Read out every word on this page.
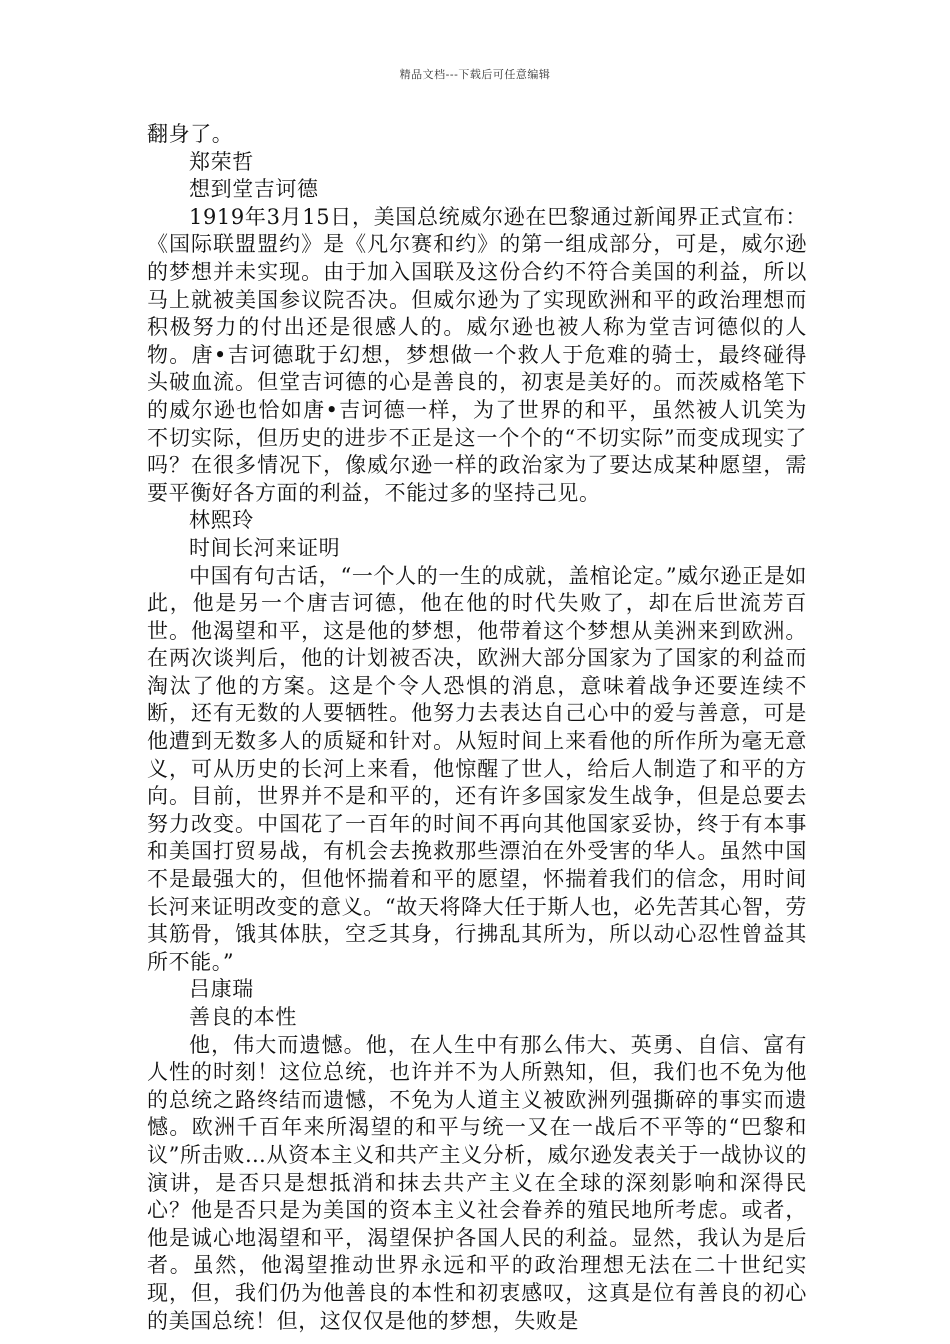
精品文档---下载后可任意编辑
翻身了。
郑荣哲
想到堂吉诃德
1919年3月15日，美国总统威尔逊在巴黎通过新闻界正式宣布：《国际联盟盟约》是《凡尔赛和约》的第一组成部分，可是，威尔逊的梦想并未实现。由于加入国联及这份合约不符合美国的利益，所以马上就被美国参议院否决。但威尔逊为了实现欧洲和平的政治理想而积极努力的付出还是很感人的。威尔逊也被人称为堂吉诃德似的人物。唐•吉诃德耽于幻想，梦想做一个救人于危难的骑士，最终碰得头破血流。但堂吉诃德的心是善良的，初衷是美好的。而茨威格笔下的威尔逊也恰如唐•吉诃德一样，为了世界的和平，虽然被人讥笑为不切实际，但历史的进步不正是这一个个的“不切实际”而变成现实了吗？在很多情况下，像威尔逊一样的政治家为了要达成某种愿望，需要平衡好各方面的利益，不能过多的坚持己见。
林熙玲
时间长河来证明
中国有句古话，“一个人的一生的成就，盖棺论定。”威尔逊正是如此，他是另一个唐吉诃德，他在他的时代失败了，却在后世流芳百世。他渴望和平，这是他的梦想，他带着这个梦想从美洲来到欧洲。在两次谈判后，他的计划被否决，欧洲大部分国家为了国家的利益而淘汰了他的方案。这是个令人恐惧的消息，意味着战争还要连续不断，还有无数的人要牺牲。他努力去表达自己心中的爱与善意，可是他遭到无数多人的质疑和针对。从短时间上来看他的所作所为毫无意义，可从历史的长河上来看，他惊醒了世人，给后人制造了和平的方向。目前，世界并不是和平的，还有许多国家发生战争，但是总要去努力改变。中国花了一百年的时间不再向其他国家妥协，终于有本事和美国打贸易战，有机会去挽救那些漂泊在外受害的华人。虽然中国不是最强大的，但他怀揣着和平的愿望，怀揣着我们的信念，用时间长河来证明改变的意义。“故天将降大任于斯人也，必先苦其心智，劳其筋骨，饿其体肤，空乏其身，行拂乱其所为，所以动心忍性曾益其所不能。”
吕康瑞
善良的本性
他，伟大而遗憾。他，在人生中有那么伟大、英勇、自信、富有人性的时刻！这位总统，也许并不为人所熟知，但，我们也不免为他的总统之路终结而遗憾，不免为人道主义被欧洲列强撕碎的事实而遗憾。欧洲千百年来所渴望的和平与统一又在一战后不平等的“巴黎和议”所击败…从资本主义和共产主义分析，威尔逊发表关于一战协议的演讲，是否只是想抵消和抹去共产主义在全球的深刻影响和深得民心？他是否只是为美国的资本主义社会眷养的殖民地所考虑。或者，他是诚心地渴望和平，渴望保护各国人民的利益。显然，我认为是后者。虽然，他渴望推动世界永远和平的政治理想无法在二十世纪实现，但，我们仍为他善良的本性和初衷感叹，这真是位有善良的初心的美国总统！但，这仅仅是他的梦想，失败是
